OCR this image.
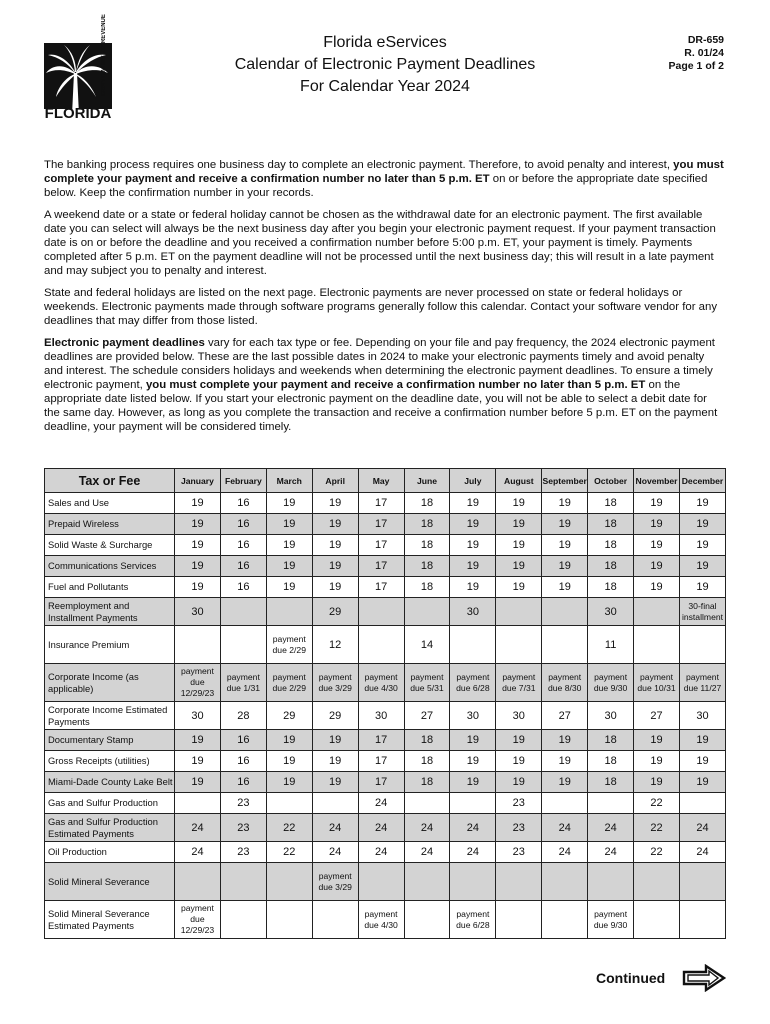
DEPARTMENT OF REVENUE
FLORIDA
Florida eServices
Calendar of Electronic Payment Deadlines
For Calendar Year 2024
DR-659
R. 01/24
Page 1 of 2

The banking process requires one business day to complete an electronic payment. Therefore, to avoid penalty and interest, you must complete your payment and receive a confirmation number no later than 5 p.m. ET on or before the appropriate date specified below. Keep the confirmation number in your records.

A weekend date or a state or federal holiday cannot be chosen as the withdrawal date for an electronic payment. The first available date you can select will always be the next business day after you begin your electronic payment request. If your payment transaction date is on or before the deadline and you received a confirmation number before 5:00 p.m. ET, your payment is timely. Payments completed after 5 p.m. ET on the payment deadline will not be processed until the next business day; this will result in a late payment and may subject you to penalty and interest.

State and federal holidays are listed on the next page. Electronic payments are never processed on state or federal holidays or weekends. Electronic payments made through software programs generally follow this calendar. Contact your software vendor for any deadlines that may differ from those listed.

Electronic payment deadlines vary for each tax type or fee. Depending on your file and pay frequency, the 2024 electronic payment deadlines are provided below. These are the last possible dates in 2024 to make your electronic payments timely and avoid penalty and interest. The schedule considers holidays and weekends when determining the electronic payment deadlines. To ensure a timely electronic payment, you must complete your payment and receive a confirmation number no later than 5 p.m. ET on the appropriate date listed below. If you start your electronic payment on the deadline date, you will not be able to select a debit date for the same day. However, as long as you complete the transaction and receive a confirmation number before 5 p.m. ET on the payment deadline, your payment will be considered timely.

Tax or Fee	January	February	March	April	May	June	July	August	September	October	November	December
Sales and Use	19	16	19	19	17	18	19	19	19	18	19	19
Prepaid Wireless	19	16	19	19	17	18	19	19	19	18	19	19
Solid Waste & Surcharge	19	16	19	19	17	18	19	19	19	18	19	19
Communications Services	19	16	19	19	17	18	19	19	19	18	19	19
Fuel and Pollutants	19	16	19	19	17	18	19	19	19	18	19	19
Reemployment and Installment Payments	30			29			30			30		30-final installment
Insurance Premium			payment due 2/29	12		14				11		
Corporate Income (as applicable)	payment due 12/29/23	payment due 1/31	payment due 2/29	payment due 3/29	payment due 4/30	payment due 5/31	payment due 6/28	payment due 7/31	payment due 8/30	payment due 9/30	payment due 10/31	payment due 11/27
Corporate Income Estimated Payments	30	28	29	29	30	27	30	30	27	30	27	30
Documentary Stamp	19	16	19	19	17	18	19	19	19	18	19	19
Gross Receipts (utilities)	19	16	19	19	17	18	19	19	19	18	19	19
Miami-Dade County Lake Belt	19	16	19	19	17	18	19	19	19	18	19	19
Gas and Sulfur Production		23			24			23			22	
Gas and Sulfur Production Estimated Payments	24	23	22	24	24	24	24	23	24	24	22	24
Oil Production	24	23	22	24	24	24	24	23	24	24	22	24
Solid Mineral Severance				payment due 3/29								
Solid Mineral Severance Estimated Payments	payment due 12/29/23				payment due 4/30		payment due 6/28			payment due 9/30		
Continued
